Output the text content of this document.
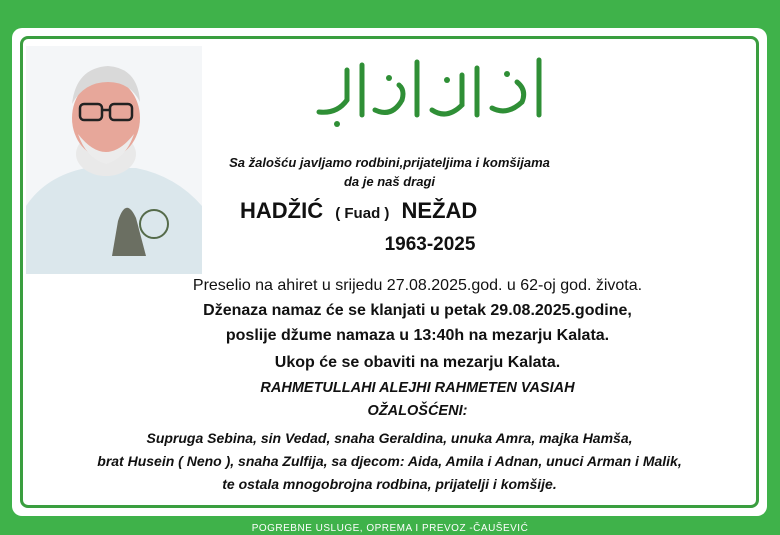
Sa žalošću javljamo rodbini,prijateljima i komšijama
da je naš dragi
HADŽIĆ ( Fuad ) NEŽAD
1963-2025
Preselio na ahiret u srijedu 27.08.2025.god. u 62-oj god. života.
Dženaza namaz će se klanjati u petak 29.08.2025.godine,
poslije džume namaza u 13:40h na mezarju Kalata.
Ukop će se obaviti na mezarju Kalata.
RAHMETULLAHI ALEJHI RAHMETEN VASIAH
OŽALOŠĆENI:
Supruga Sebina, sin Vedad, snaha Geraldina, unuka Amra, majka Hamša,
brat Husein ( Neno ), snaha Zulfija, sa djecom: Aida, Amila i Adnan, unuci Arman i Malik,
te ostala mnogobrojna rodbina, prijatelji i komšije.
POGREBNE USLUGE, OPREMA I PREVOZ -ČAUŠEVIĆ
